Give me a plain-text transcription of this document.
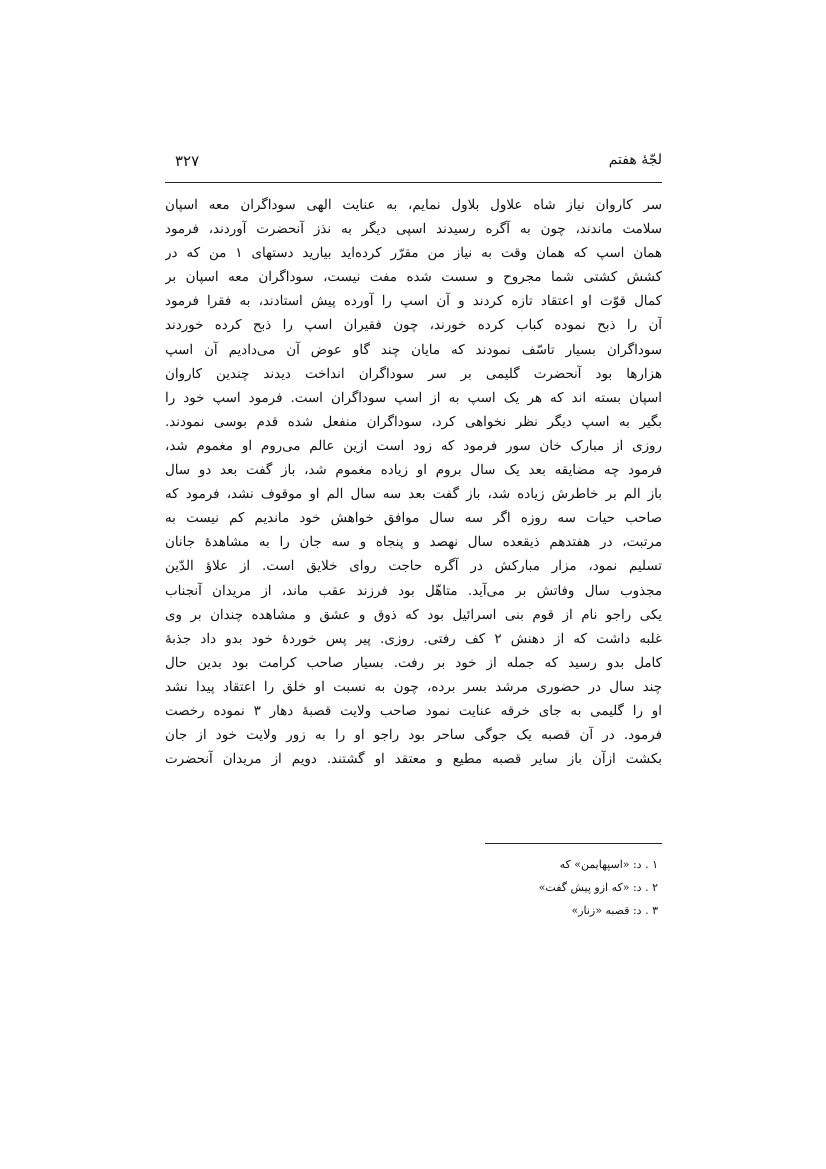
لجّهٔ هفتم
۳۲۷
سر کاروان نیاز شاه علاول بلاول نمایم، به عنایت الهی سوداگران معه اسپان
سلامت ماندند، چون به آگره رسیدند اسپی دیگر به نذز آنحضرت آوردند، فرمود
همان اسپ که همان وقت به نیاز من مقرّر کرده‌اید بیارید دستهای ۱ من که در
کشش کشتی شما مجروح و سست شده مفت نیست، سوداگران معه اسپان بر
کمال قوّت او اعتقاد تازه کردند و آن اسپ را آورده پیش استادند، به فقرا فرمود
آن را ذبح نموده کباب کرده خورند، چون فقیران اسپ را ذبح کرده خوردند
سوداگران بسیار تاسّف نمودند که مایان چند گاو عوض آن می‌دادیم آن اسپ
هزارها بود آنحضرت گلیمی بر سر سوداگران انداخت دیدند چندین کاروان
اسپان بسته اند که هر یک اسپ به از اسپ سوداگران است. فرمود اسپ خود را
بگیر به اسپ دیگر نظر نخواهی کرد، سوداگران منفعل شده قدم بوسی نمودند.
روزی از مبارک خان سور فرمود که زود است ازین عالم می‌روم او مغموم شد،
فرمود چه مضایقه بعد یک سال بروم او زیاده مغموم شد، باز گفت بعد دو سال
باز الم بر خاطرش زیاده شد، باز گفت بعد سه سال الم او موقوف نشد، فرمود که
صاحب حیات سه روزه اگر سه سال موافق خواهش خود ماندیم کم نیست به
مرتبت، در هفتدهم ذیقعده سال نهصد و پنجاه و سه جان را به مشاهدهٔ جانان
تسلیم نمود، مزار مبارکش در آگره حاجت روای خلایق است. از علاؤ الدّین
مجذوب سال وفاتش بر می‌آید. متاهّل بود فرزند عقب ماند، از مریدان آنجناب
یکی راجو نام از قوم بنی اسرائیل بود که ذوق و عشق و مشاهده چندان بر وی
غلبه داشت که از دهنش ۲ کف رفتی. روزی. پیر پس خوردهٔ خود بدو داد جذبهٔ
کامل بدو رسید که جمله از خود بر رفت. بسیار صاحب کرامت بود بدین حال
چند سال در حضوری مرشد بسر برده، چون به نسبت او خلق را اعتقاد پیدا نشد
او را گلیمی به جای خرقه عنایت نمود صاحب ولایت قصبهٔ دهار ۳ نموده رخصت
فرمود. در آن قصبه یک جوگی ساحر بود راجو او را به زور ولایت خود از جان
بکشت ازآن باز سایر قصبه مطیع و معتقد او گشتند. دویم از مریدان آنحضرت
۱ . د: «اسپهایمن» که
۲ . د: «که ازو پیش گفت»
۳ . د: قصبه «زنار»
